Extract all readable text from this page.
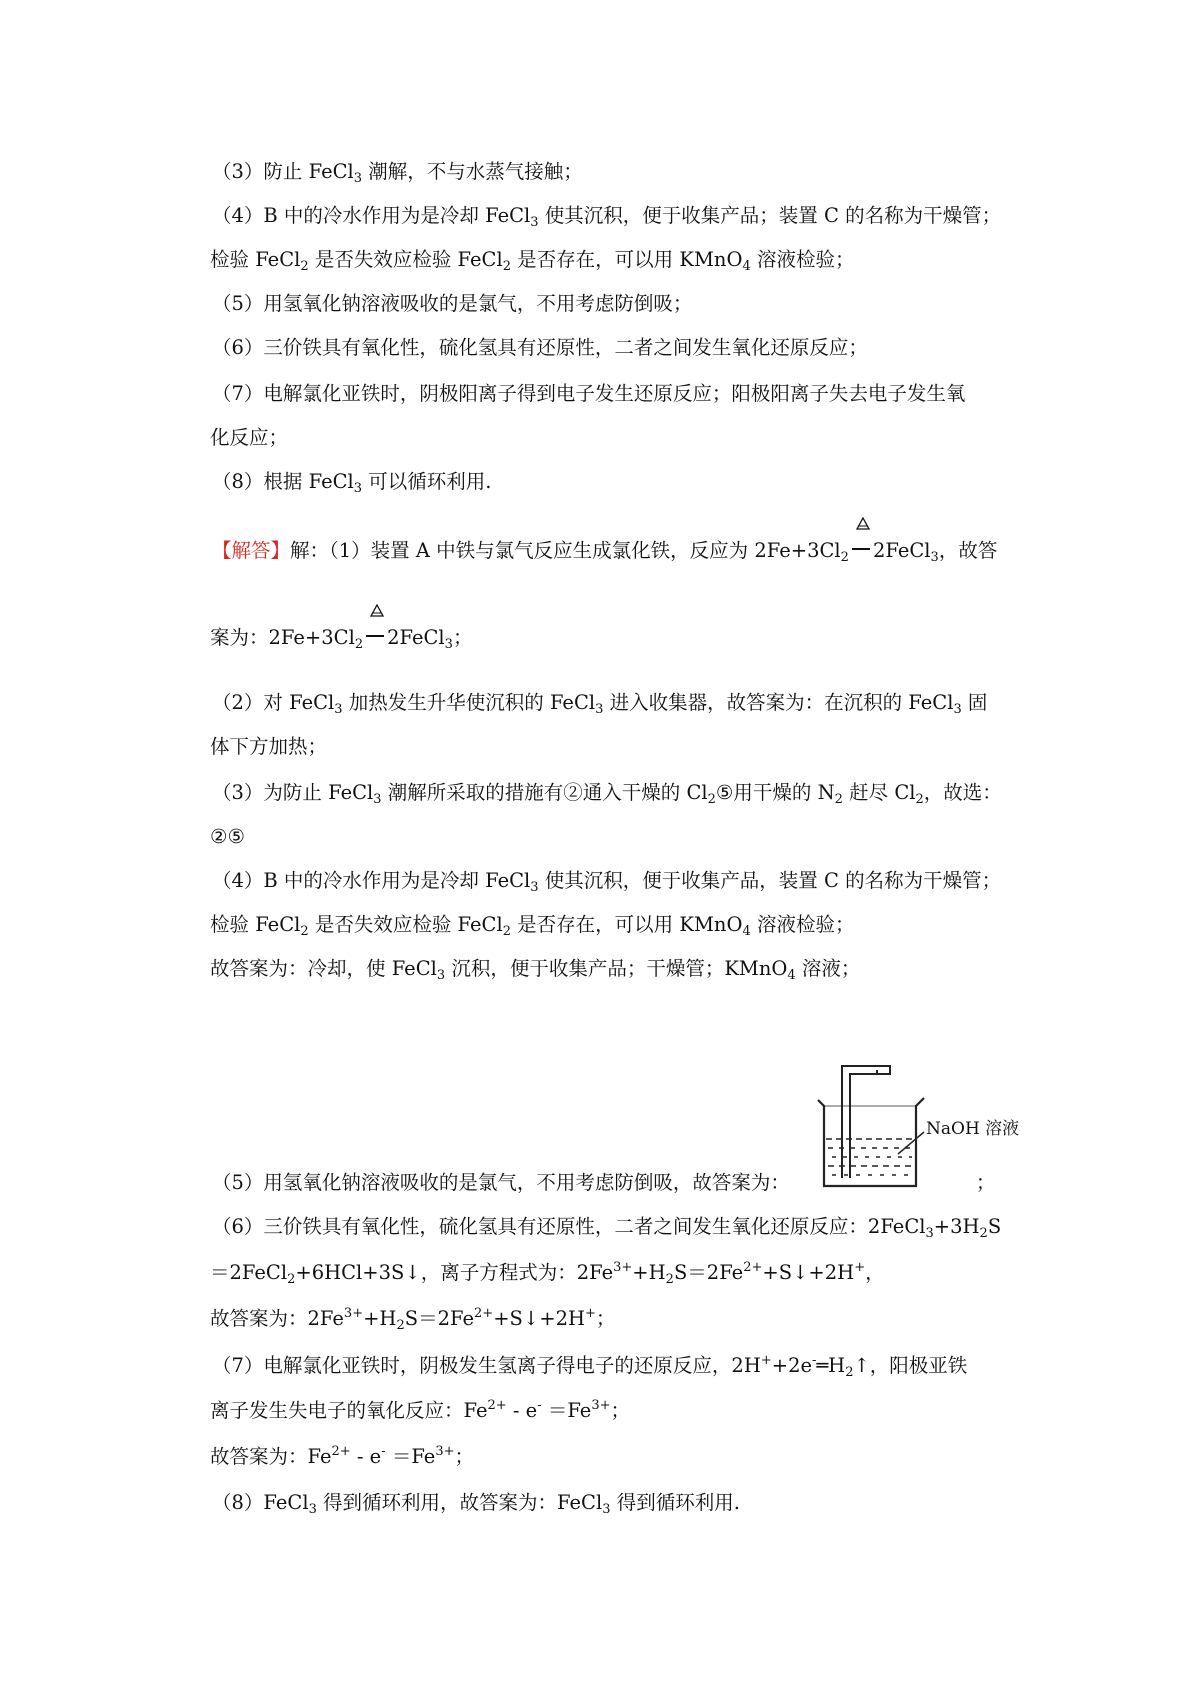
（3）防止 FeCl$_3$ 潮解，不与水蒸气接触；
（4）B 中的冷水作用为是冷却 FeCl$_3$ 使其沉积，便于收集产品；装置 C 的名称为干燥管；
检验 FeCl$_2$ 是否失效应检验 FeCl$_2$ 是否存在，可以用 KMnO$_4$ 溶液检验；
（5）用氢氧化钠溶液吸收的是氯气，不用考虑防倒吸；
（6）三价铁具有氧化性，硫化氢具有还原性，二者之间发生氧化还原反应；
（7）电解氯化亚铁时，阴极阳离子得到电子发生还原反应；阳极阳离子失去电子发生氧
化反应；
（8）根据 FeCl$_3$ 可以循环利用.
【解答】解：（1）装置 A 中铁与氯气反应生成氯化铁，反应为 $2Fe+3Cl_2$ 2FeCl$_3$，故答
案为：$2Fe+3Cl_2$ 2FeCl$_3$；
（2）对 FeCl$_3$ 加热发生升华使沉积的 FeCl$_3$ 进入收集器，故答案为：在沉积的 FeCl$_3$ 固
体下方加热；
（3）为防止 FeCl$_3$ 潮解所采取的措施有②通入干燥的 $Cl_2⑤$用干燥的 $N_2$ 赶尽 $Cl_2$，故选：
②⑤
（4）B 中的冷水作用为是冷却 FeCl$_3$ 使其沉积，便于收集产品，装置 C 的名称为干燥管；
检验 FeCl$_2$ 是否失效应检验 FeCl$_2$ 是否存在，可以用 KMnO$_4$ 溶液检验；
故答案为：冷却，使 FeCl$_3$ 沉积，便于收集产品；干燥管；KMnO$_4$ 溶液；
（5）用氢氧化钠溶液吸收的是氯气，不用考虑防倒吸，故答案为：	；
NaOH 溶液
（6）三价铁具有氧化性，硫化氢具有还原性，二者之间发生氧化还原反应：$2FeCl_3+3H_2S$
＝2FeCl$_2$+6HCl+3S↓，离子方程式为：$2Fe^{3+}+H_2S=2Fe^{2+}+S↓+2H^+$，
故答案为：$2Fe^{3+}+H_2S=2Fe^{2+}+S↓+2H^+$；
（7）电解氯化亚铁时，阴极发生氢离子得电子的还原反应，$2H^++2e^-═H_2↑$，阳极亚铁
离子发生失电子的氧化反应：$Fe^{2+} - e^- =Fe^{3+}$；
故答案为：$Fe^{2+} - e^- =Fe^{3+}$；
（8）FeCl$_3$ 得到循环利用，故答案为：FeCl$_3$ 得到循环利用.
